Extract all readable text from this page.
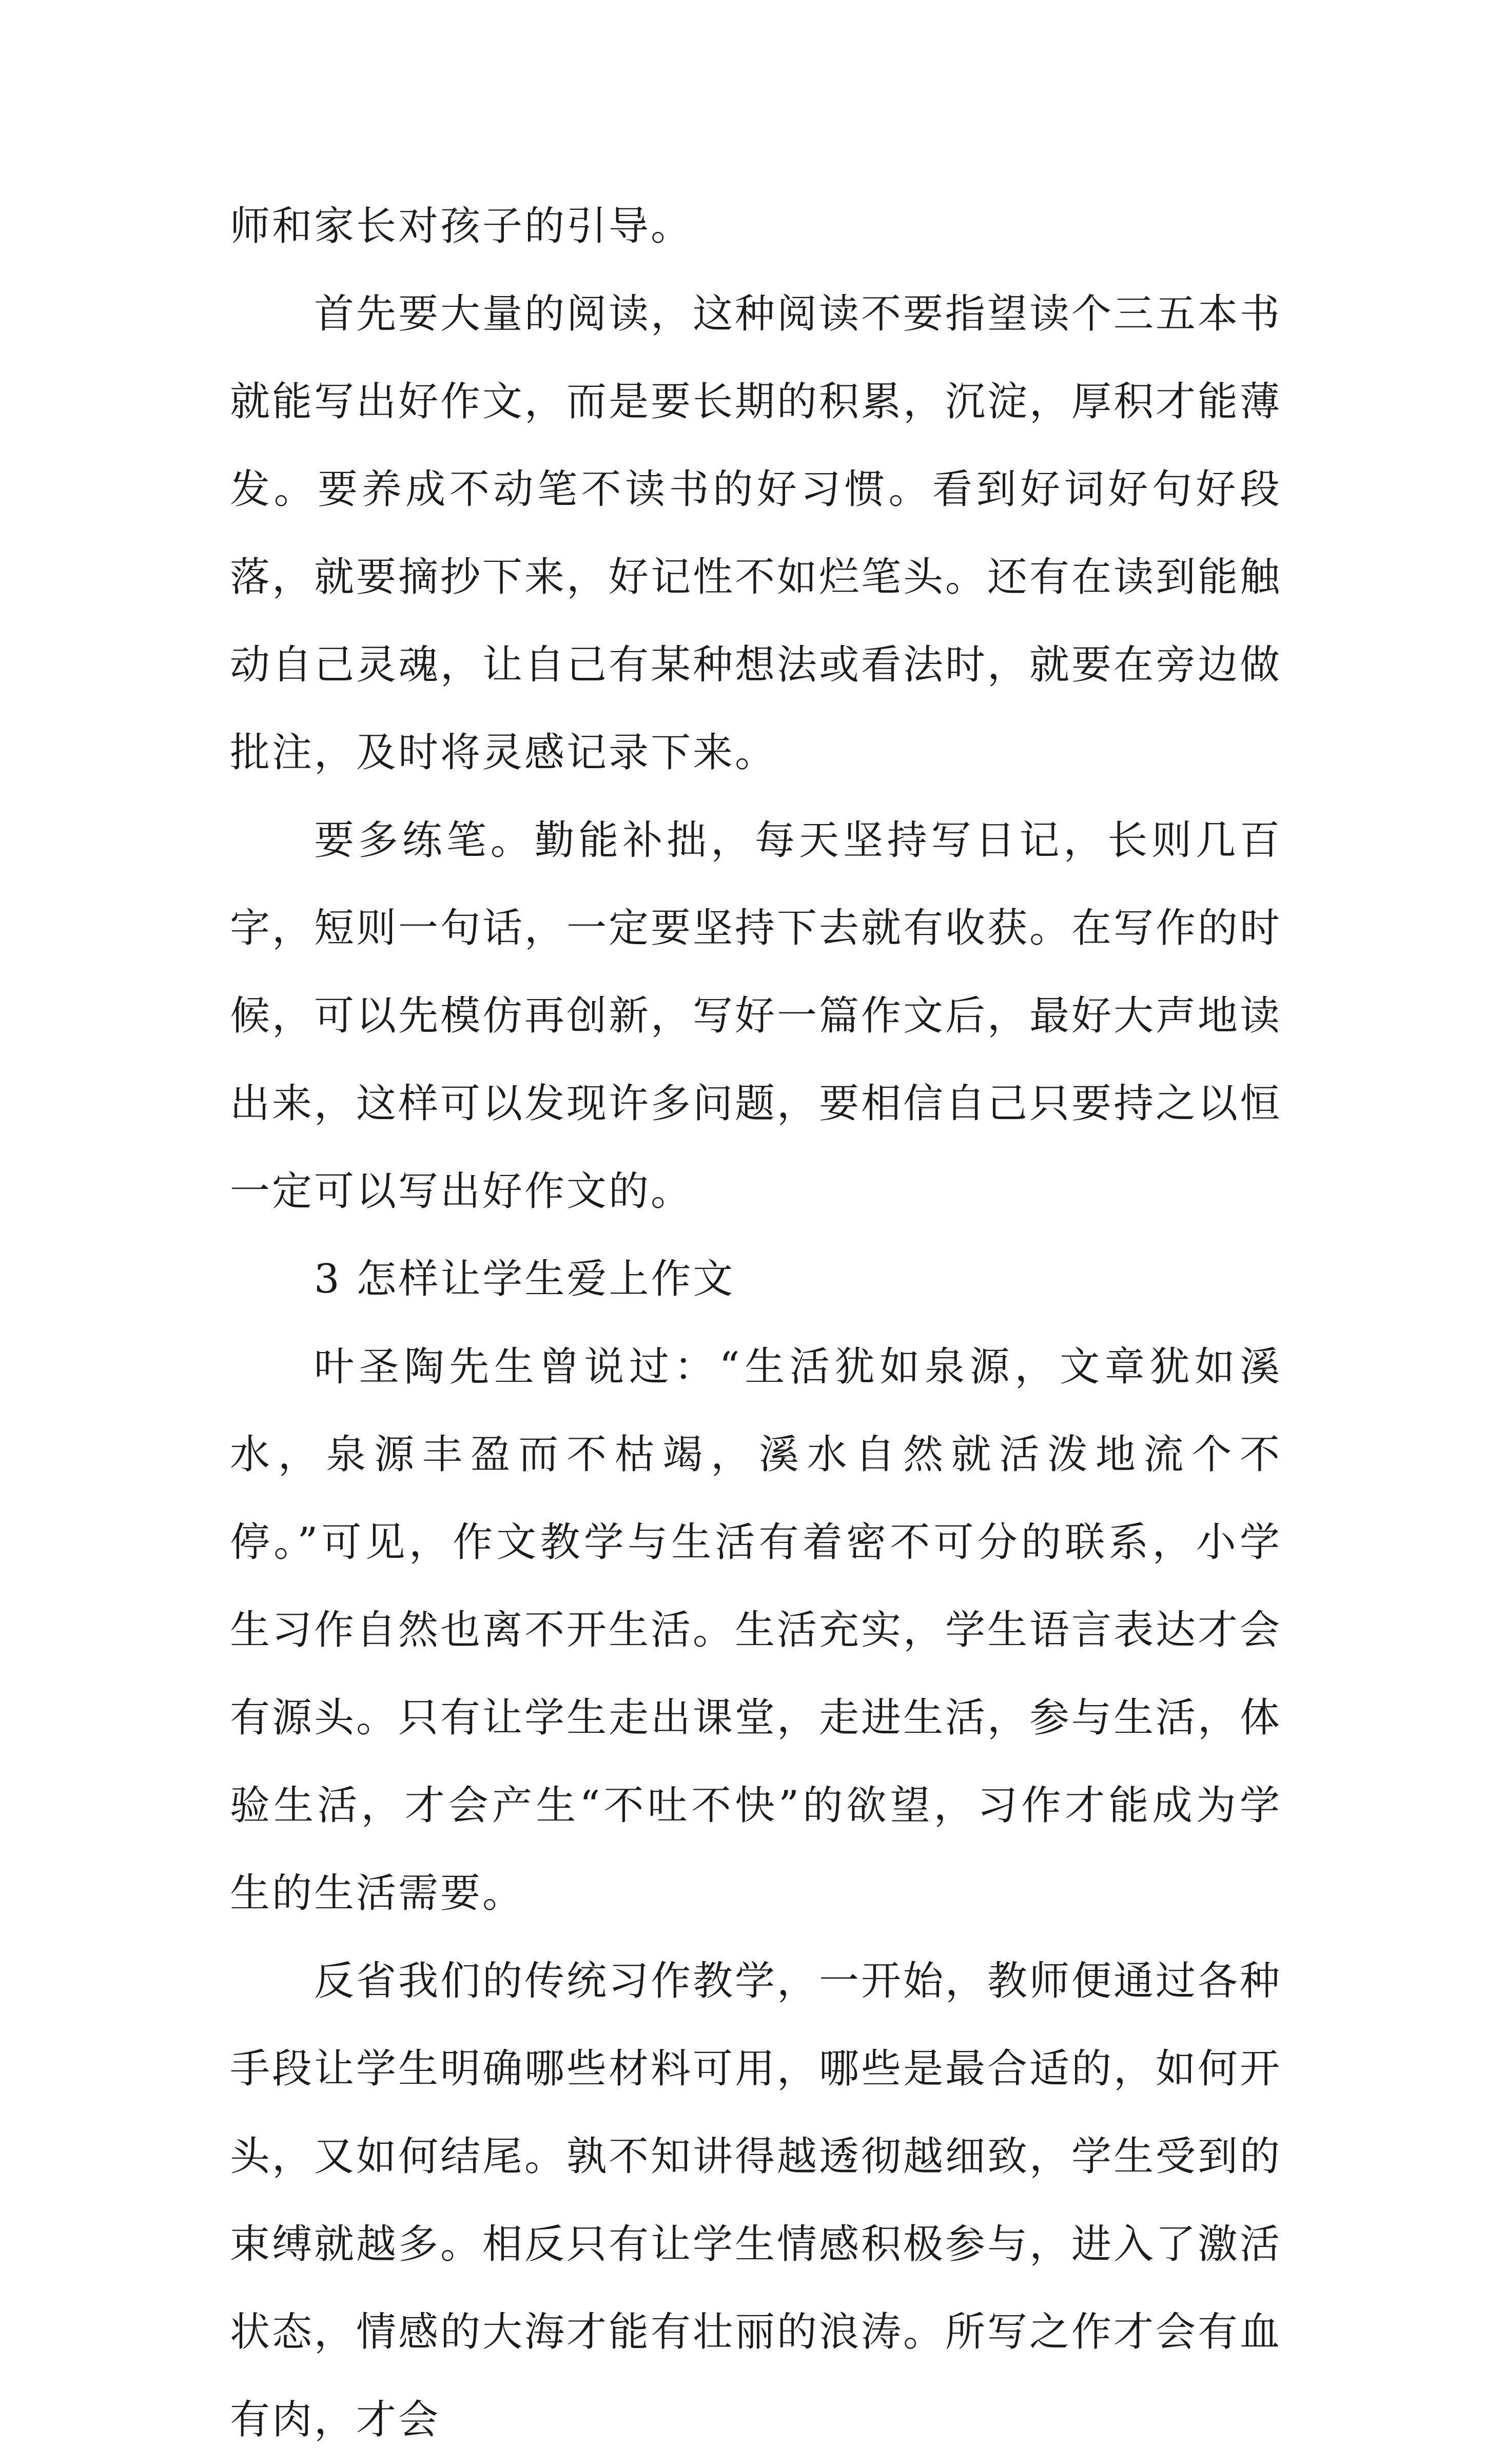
师和家长对孩子的引导。

首先要大量的阅读，这种阅读不要指望读个三五本书就能写出好作文，而是要长期的积累，沉淀，厚积才能薄发。要养成不动笔不读书的好习惯。看到好词好句好段落，就要摘抄下来，好记性不如烂笔头。还有在读到能触动自己灵魂，让自己有某种想法或看法时，就要在旁边做批注，及时将灵感记录下来。

要多练笔。勤能补拙，每天坚持写日记，长则几百字，短则一句话，一定要坚持下去就有收获。在写作的时候，可以先模仿再创新，写好一篇作文后，最好大声地读出来，这样可以发现许多问题，要相信自己只要持之以恒一定可以写出好作文的。

3 怎样让学生爱上作文

叶圣陶先生曾说过：“生活犹如泉源，文章犹如溪水，泉源丰盈而不枯竭，溪水自然就活泼地流个不停。”可见，作文教学与生活有着密不可分的联系，小学生习作自然也离不开生活。生活充实，学生语言表达才会有源头。只有让学生走出课堂，走进生活，参与生活，体验生活，才会产生“不吐不快”的欲望，习作才能成为学生的生活需要。

反省我们的传统习作教学，一开始，教师便通过各种手段让学生明确哪些材料可用，哪些是最合适的，如何开头，又如何结尾。孰不知讲得越透彻越细致，学生受到的束缚就越多。相反只有让学生情感积极参与，进入了激活状态，情感的大海才能有壮丽的浪涛。所写之作才会有血有肉，才会
